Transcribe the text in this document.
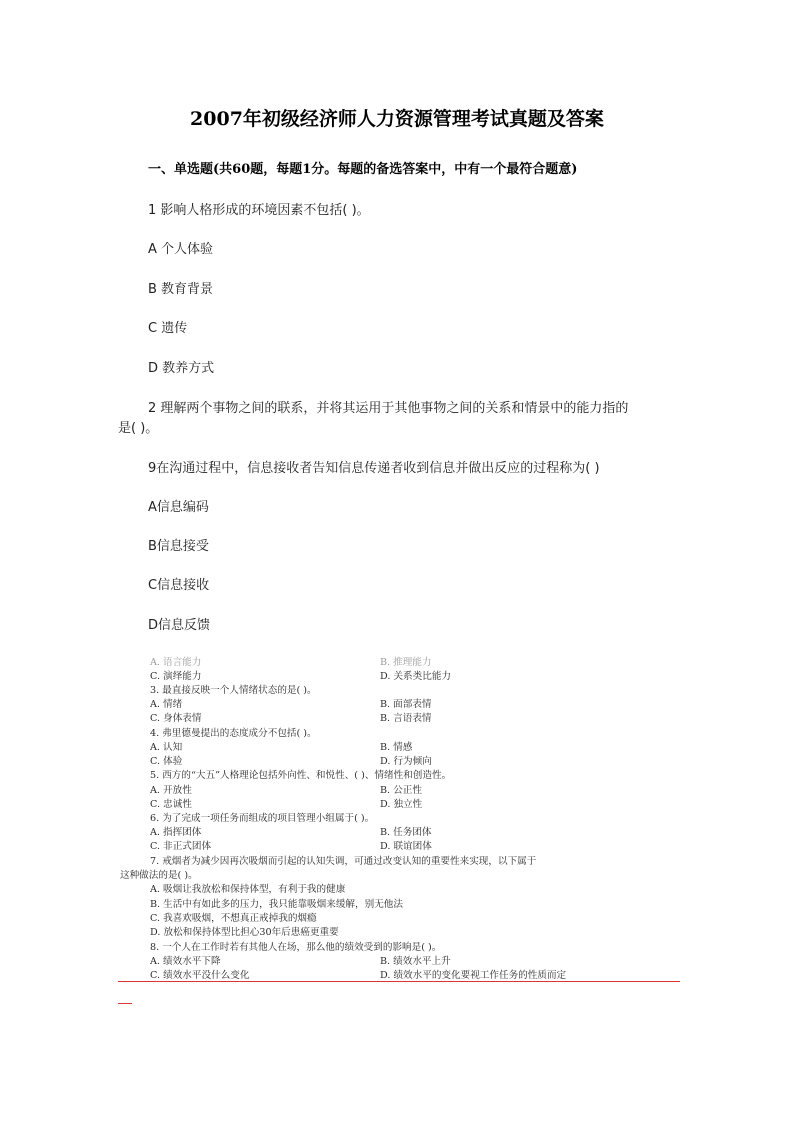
2007年初级经济师人力资源管理考试真题及答案
一、单选题(共60题，每题1分。每题的备选答案中，中有一个最符合题意)
1 影响人格形成的环境因素不包括( )。
A 个人体验
B 教育背景
C 遗传
D 教养方式
2 理解两个事物之间的联系，并将其运用于其他事物之间的关系和情景中的能力指的
是( )。
9在沟通过程中，信息接收者告知信息传递者收到信息并做出反应的过程称为( )
A信息编码
B信息接受
C信息接收
D信息反馈
A. 语言能力	B. 推理能力
C. 演绎能力	D. 关系类比能力
3. 最直接反映一个人情绪状态的是( )。
A. 情绪	B. 面部表情
C. 身体表情	B. 言语表情
4. 弗里德曼提出的态度成分不包括( )。
A. 认知	B. 情感
C. 体验	D. 行为倾向
5. 西方的“大五”人格理论包括外向性、和悦性、( )、情绪性和创造性。
A. 开放性	B. 公正性
C. 忠诚性	D. 独立性
6. 为了完成一项任务而组成的项目管理小组属于( )。
A. 指挥团体	B. 任务团体
C. 非正式团体	D. 联谊团体
7. 戒烟者为减少因再次吸烟而引起的认知失调，可通过改变认知的重要性来实现，以下属于
这种做法的是( )。
A. 吸烟让我放松和保持体型，有利于我的健康
B. 生活中有如此多的压力，我只能靠吸烟来缓解，别无他法
C. 我喜欢吸烟，不想真正戒掉我的烟瘾
D. 放松和保持体型比担心30年后患癌更重要
8. 一个人在工作时若有其他人在场，那么他的绩效受到的影响是( )。
A. 绩效水平下降	B. 绩效水平上升
C. 绩效水平没什么变化	D. 绩效水平的变化要视工作任务的性质而定
